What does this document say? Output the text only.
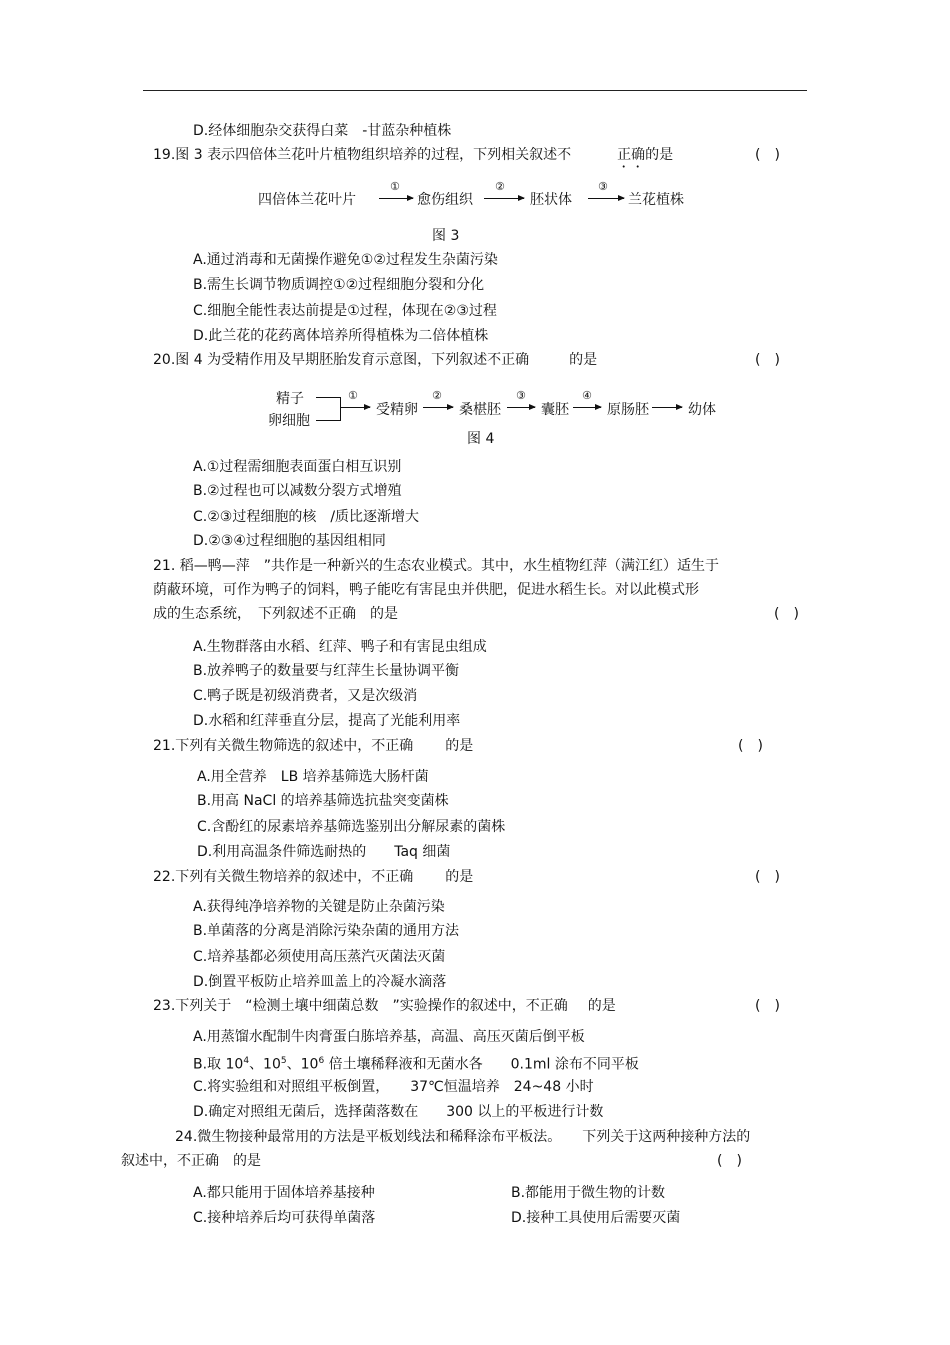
D.经体细胞杂交获得白菜　-甘蓝杂种植株
19.图 3 表示四倍体兰花叶片植物组织培养的过程，下列相关叙述不	正确的是	(　)
四倍体兰花叶片
①
愈伤组织
②
胚状体
③
兰花植株
图 3
A.通过消毒和无菌操作避免①②过程发生杂菌污染
B.需生长调节物质调控①②过程细胞分裂和分化
C.细胞全能性表达前提是①过程，体现在②③过程
D.此兰花的花药离体培养所得植株为二倍体植株
20.图 4 为受精作用及早期胚胎发育示意图，下列叙述不正确	的是	(　)
精子
卵细胞
①
受精卵
②
桑椹胚
③
囊胚
④
原肠胚	幼体
图 4
A.①过程需细胞表面蛋白相互识别
B.②过程也可以减数分裂方式增殖
C.②③过程细胞的核　/质比逐渐增大
D.②③④过程细胞的基因组相同
21. 稻—鸭—萍　”共作是一种新兴的生态农业模式。其中，水生植物红萍（满江红）适生于
荫蔽环境，可作为鸭子的饲料，鸭子能吃有害昆虫并供肥，促进水稻生长。对以此模式形
成的生态系统，　下列叙述不正确 的是	(　)
A.生物群落由水稻、红萍、鸭子和有害昆虫组成
B.放养鸭子的数量要与红萍生长量协调平衡
C.鸭子既是初级消费者，又是次级消
D.水稻和红萍垂直分层，提高了光能利用率
21.下列有关微生物筛选的叙述中，不正确 的是	(　)
A.用全营养　LB 培养基筛选大肠杆菌
B.用高 NaCl 的培养基筛选抗盐突变菌株
C.含酚红的尿素培养基筛选鉴别出分解尿素的菌株
D.利用高温条件筛选耐热的　　Taq 细菌
22.下列有关微生物培养的叙述中，不正确 的是	(　)
A.获得纯净培养物的关键是防止杂菌污染
B.单菌落的分离是消除污染杂菌的通用方法
C.培养基都必须使用高压蒸汽灭菌法灭菌
D.倒置平板防止培养皿盖上的冷凝水滴落
23.下列关于　“检测土壤中细菌总数　”实验操作的叙述中，不正确 的是	(　)
A.用蒸馏水配制牛肉膏蛋白胨培养基，高温、高压灭菌后倒平板
B.取 $10^4$、$10^5$、$10^6$ 倍土壤稀释液和无菌水各　　0.1ml 涂布不同平板
C.将实验组和对照组平板倒置，　　37℃恒温培养　24~48 小时
D.确定对照组无菌后，选择菌落数在　　300 以上的平板进行计数
24.微生物接种最常用的方法是平板划线法和稀释涂布平板法。　　下列关于这两种接种方法的
叙述中，不正确 的是	(　)
A.都只能用于固体培养基接种	B.都能用于微生物的计数
C.接种培养后均可获得单菌落	D.接种工具使用后需要灭菌
